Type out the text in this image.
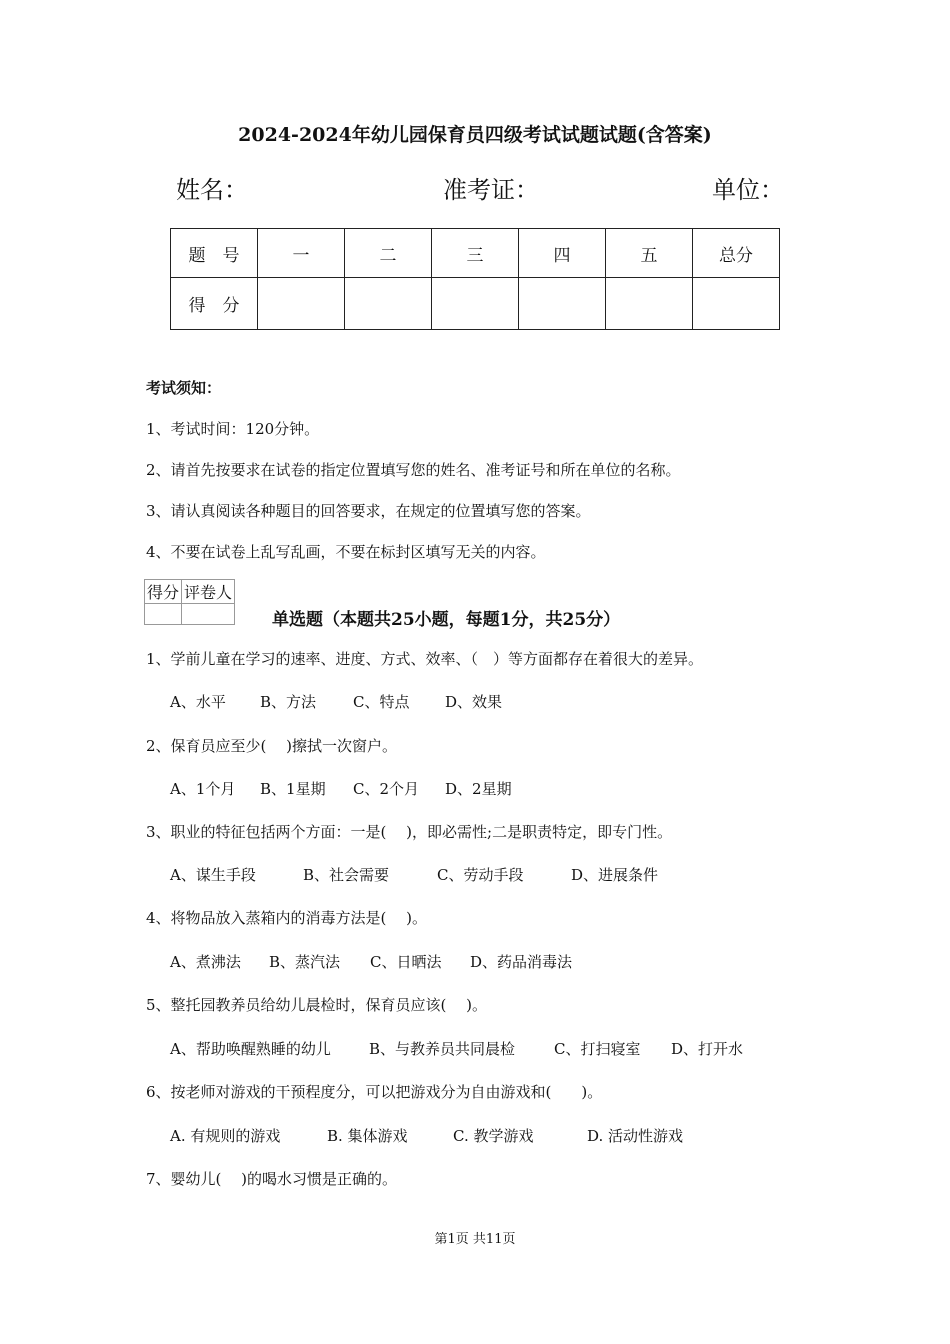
2024-2024年幼儿园保育员四级考试试题试题(含答案)
姓名：	准考证：	单位：
题　号	一	二	三	四	五	总分
得　分						
考试须知：
1、考试时间：120分钟。
2、请首先按要求在试卷的指定位置填写您的姓名、准考证号和所在单位的名称。
3、请认真阅读各种题目的回答要求，在规定的位置填写您的答案。
4、不要在试卷上乱写乱画，不要在标封区填写无关的内容。
得分	评卷人

单选题（本题共25小题，每题1分，共25分）
1、学前儿童在学习的速率、进度、方式、效率、（　）等方面都存在着很大的差异。
A、水平 B、方法 C、特点 D、效果
2、保育员应至少(　 )擦拭一次窗户。
A、1个月 B、1星期 C、2个月 D、2星期
3、职业的特征包括两个方面：一是(　 )，即必需性;二是职责特定，即专门性。
A、谋生手段	B、社会需要	C、劳动手段	D、进展条件
4、将物品放入蒸箱内的消毒方法是(　 )。
A、煮沸法 B、蒸汽法 C、日晒法 D、药品消毒法
5、整托园教养员给幼儿晨检时，保育员应该(　 )。
A、帮助唤醒熟睡的幼儿	B、与教养员共同晨检	C、打扫寝室 D、打开水
6、按老师对游戏的干预程度分，可以把游戏分为自由游戏和(　　)。
A. 有规则的游戏	B. 集体游戏	C. 教学游戏	D. 活动性游戏
7、婴幼儿(　 )的喝水习惯是正确的。
第1页 共11页
